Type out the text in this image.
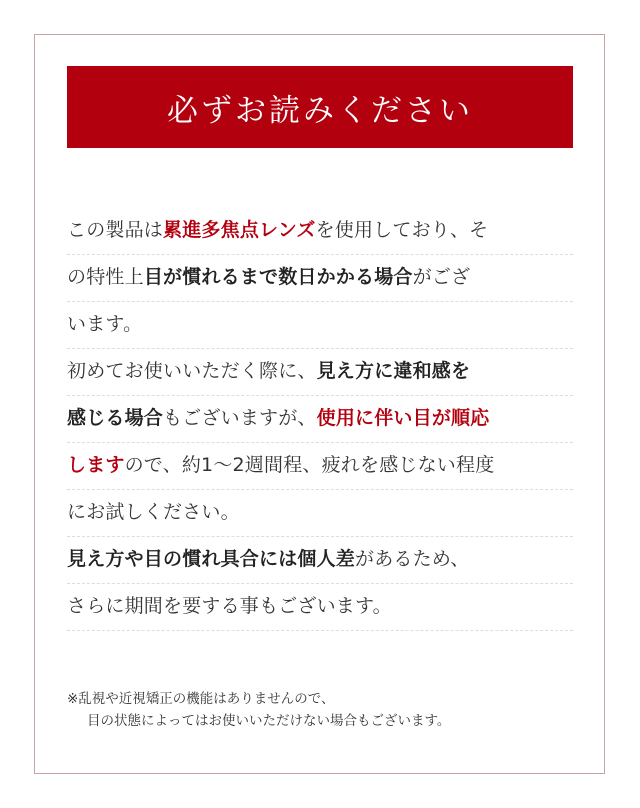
必ずお読みください
この製品は累進多焦点レンズを使用しており、そ
の特性上目が慣れるまで数日かかる場合がござ
います。
初めてお使いいただく際に、見え方に違和感を
感じる場合もございますが、使用に伴い目が順応
しますので、約1〜2週間程、疲れを感じない程度
にお試しください。
見え方や目の慣れ具合には個人差があるため、
さらに期間を要する事もございます。
※乱視や近視矯正の機能はありませんので、
目の状態によってはお使いいただけない場合もございます。
